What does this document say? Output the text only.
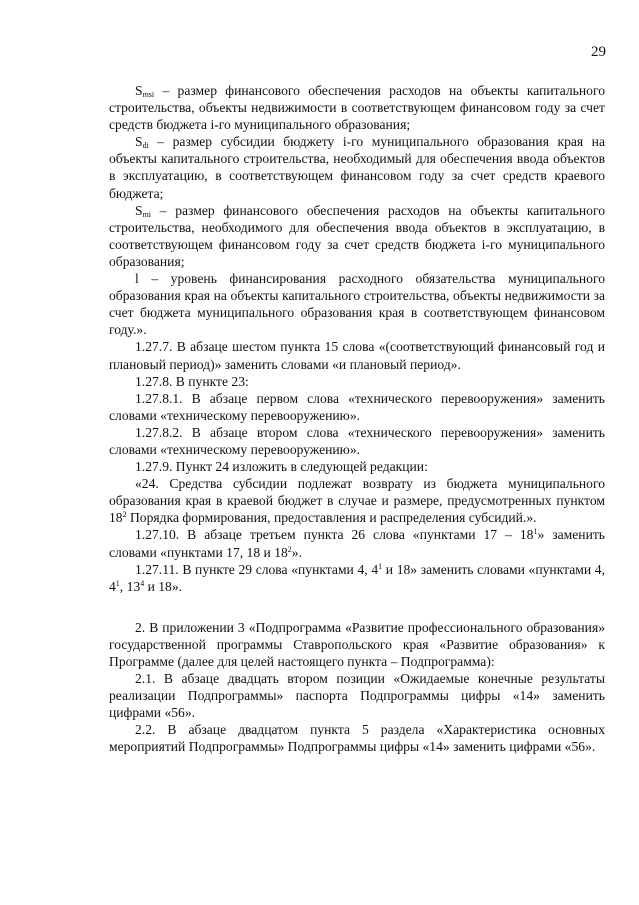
29

$S_{msi}$ – размер финансового обеспечения расходов на объекты капитального строительства, объекты недвижимости в соответствующем финансовом году за счет средств бюджета i-го муниципального образования;

$S_{di}$ – размер субсидии бюджету i-го муниципального образования края на объекты капитального строительства, необходимый для обеспечения ввода объектов в эксплуатацию, в соответствующем финансовом году за счет средств краевого бюджета;

$S_{mi}$ – размер финансового обеспечения расходов на объекты капитального строительства, необходимого для обеспечения ввода объектов в эксплуатацию, в соответствующем финансовом году за счет средств бюджета i-го муниципального образования;

l – уровень финансирования расходного обязательства муниципального образования края на объекты капитального строительства, объекты недвижимости за счет бюджета муниципального образования края в соответствующем финансовом году.».

1.27.7. В абзаце шестом пункта 15 слова «(соответствующий финансовый год и плановый период)» заменить словами «и плановый период».

1.27.8. В пункте 23:

1.27.8.1. В абзаце первом слова «технического перевооружения» заменить словами «техническому перевооружению».

1.27.8.2. В абзаце втором слова «технического перевооружения» заменить словами «техническому перевооружению».

1.27.9. Пункт 24 изложить в следующей редакции:

«24. Средства субсидии подлежат возврату из бюджета муниципального образования края в краевой бюджет в случае и размере, предусмотренных пунктом $18^2$ Порядка формирования, предоставления и распределения субсидий.».

1.27.10. В абзаце третьем пункта 26 слова «пунктами $17 - 18^1$» заменить словами «пунктами 17, 18 и $18^2$».

1.27.11. В пункте 29 слова «пунктами 4, $4^1$ и 18» заменить словами «пунктами 4, $4^1$, $13^4$ и 18».

2. В приложении 3 «Подпрограмма «Развитие профессионального образования» государственной программы Ставропольского края «Развитие образования» к Программе (далее для целей настоящего пункта – Подпрограмма):

2.1. В абзаце двадцать втором позиции «Ожидаемые конечные результаты реализации Подпрограммы» паспорта Подпрограммы цифры «14» заменить цифрами «56».

2.2. В абзаце двадцатом пункта 5 раздела «Характеристика основных мероприятий Подпрограммы» Подпрограммы цифры «14» заменить цифрами «56».
